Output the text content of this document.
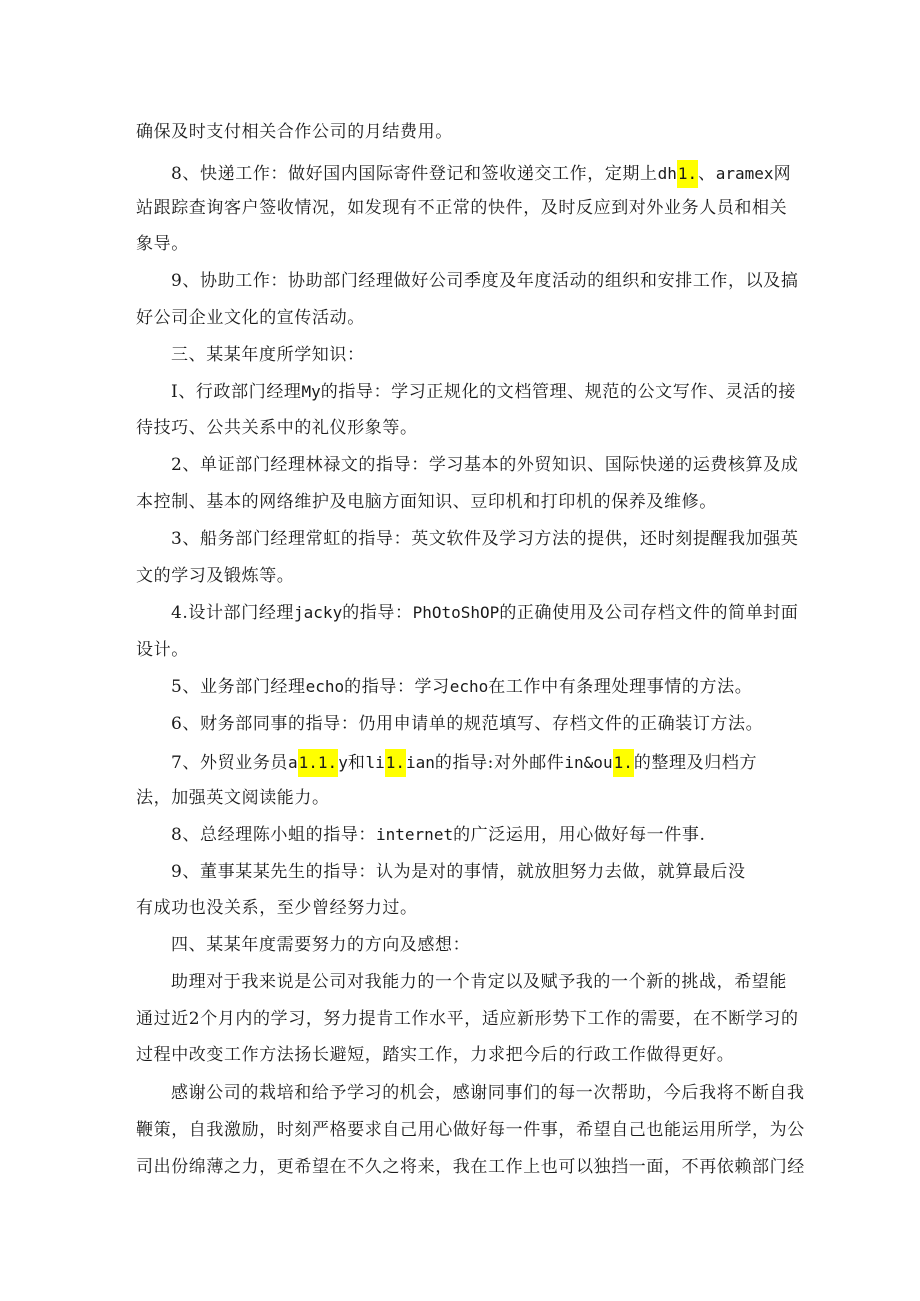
确保及时支付相关合作公司的月结费用。

8、快递工作：做好国内国际寄件登记和签收递交工作，定期上dh1.、aramex网

站跟踪查询客户签收情况，如发现有不正常的快件，及时反应到对外业务人员和相关

象导。

9、协助工作：协助部门经理做好公司季度及年度活动的组织和安排工作，以及搞

好公司企业文化的宣传活动。

三、某某年度所学知识：

I、行政部门经理My的指导：学习正规化的文档管理、规范的公文写作、灵活的接

待技巧、公共关系中的礼仪形象等。

2、单证部门经理林禄文的指导：学习基本的外贸知识、国际快递的运费核算及成

本控制、基本的网络维护及电脑方面知识、豆印机和打印机的保养及维修。

3、船务部门经理常虹的指导：英文软件及学习方法的提供，还时刻提醒我加强英

文的学习及锻炼等。

4.设计部门经理jacky的指导：PhOtoShOP的正确使用及公司存档文件的简单封面

设计。

5、业务部门经理echo的指导：学习echo在工作中有条理处理事情的方法。

6、财务部同事的指导：仍用申请单的规范填写、存档文件的正确装订方法。

7、外贸业务员a1.1.y和li1.ian的指导:对外邮件in&ou1.的整理及归档方

法，加强英文阅读能力。

8、总经理陈小蛆的指导：internet的广泛运用，用心做好每一件事.

9、董事某某先生的指导：认为是对的事情，就放胆努力去做，就算最后没

有成功也没关系，至少曾经努力过。

四、某某年度需要努力的方向及感想：

助理对于我来说是公司对我能力的一个肯定以及赋予我的一个新的挑战，希望能

通过近2个月内的学习，努力提肯工作水平，适应新形势下工作的需要，在不断学习的

过程中改变工作方法扬长避短，踏实工作，力求把今后的行政工作做得更好。

感谢公司的栽培和给予学习的机会，感谢同事们的每一次帮助，今后我将不断自我

鞭策，自我激励，时刻严格要求自己用心做好每一件事，希望自己也能运用所学，为公

司出份绵薄之力，更希望在不久之将来，我在工作上也可以独挡一面，不再依赖部门经
